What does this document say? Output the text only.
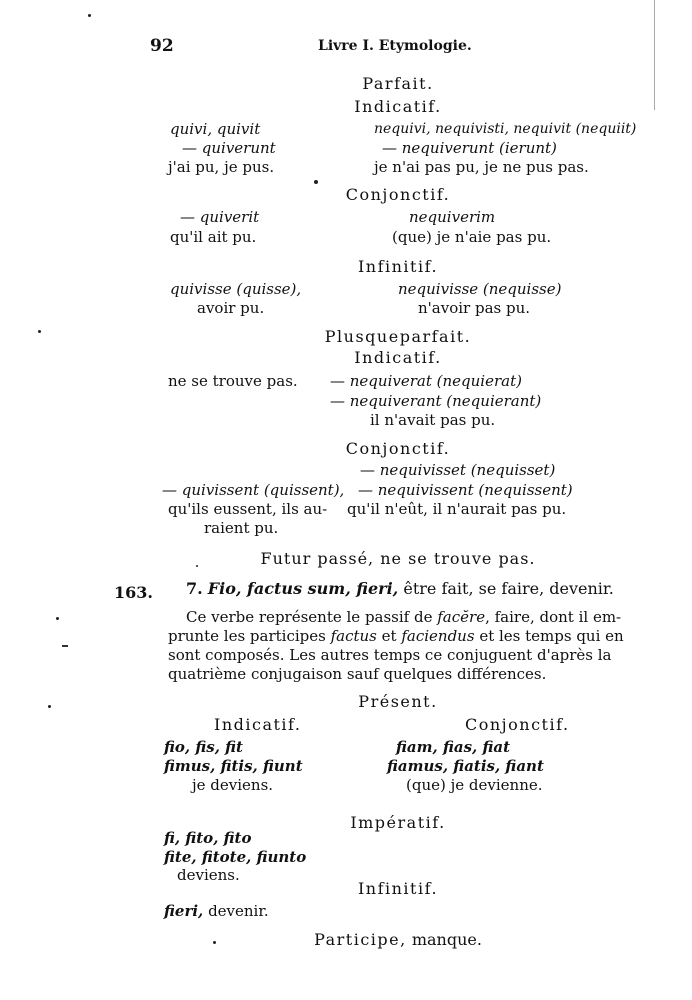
92	Livre I. Etymologie.
Parfait.
Indicatif.
quivi, quivit
— quiverunt
j'ai pu, je pus.
nequivi, nequivisti, nequivit (nequiit)
— nequiverunt (ierunt)
je n'ai pas pu, je ne pus pas.
Conjonctif.
— quiverit
qu'il ait pu.
nequiverim
(que) je n'aie pas pu.
Infinitif.
quivisse (quisse),
avoir pu.
nequivisse (nequisse)
n'avoir pas pu.
Plusqueparfait.
Indicatif.
ne se trouve pas. — nequiverat (nequierat)
— nequiverant (nequierant)
il n'avait pas pu.
Conjonctif.
— nequivisset (nequisset)
— quivissent (quissent), — nequivissent (nequissent)
qu'ils eussent, ils au- qu'il n'eût, il n'aurait pas pu.
raient pu.
Futur passé, ne se trouve pas.
163. 7. Fio, factus sum, fieri, être fait, se faire, devenir.
Ce verbe représente le passif de facĕre, faire, dont il em-
prunte les participes factus et faciendus et les temps qui en
sont composés. Les autres temps ce conjuguent d'après la
quatrième conjugaison sauf quelques différences.
Présent.
Indicatif.	Conjonctif.
fio, fis, fit
fimus, fitis, fiunt
je deviens.
fiam, fias, fiat
fiamus, fiatis, fiant
(que) je devienne.
Impératif.
fi, fito, fito
fite, fitote, fiunto
deviens.
Infinitif.
fieri, devenir.
Participe, manque.
